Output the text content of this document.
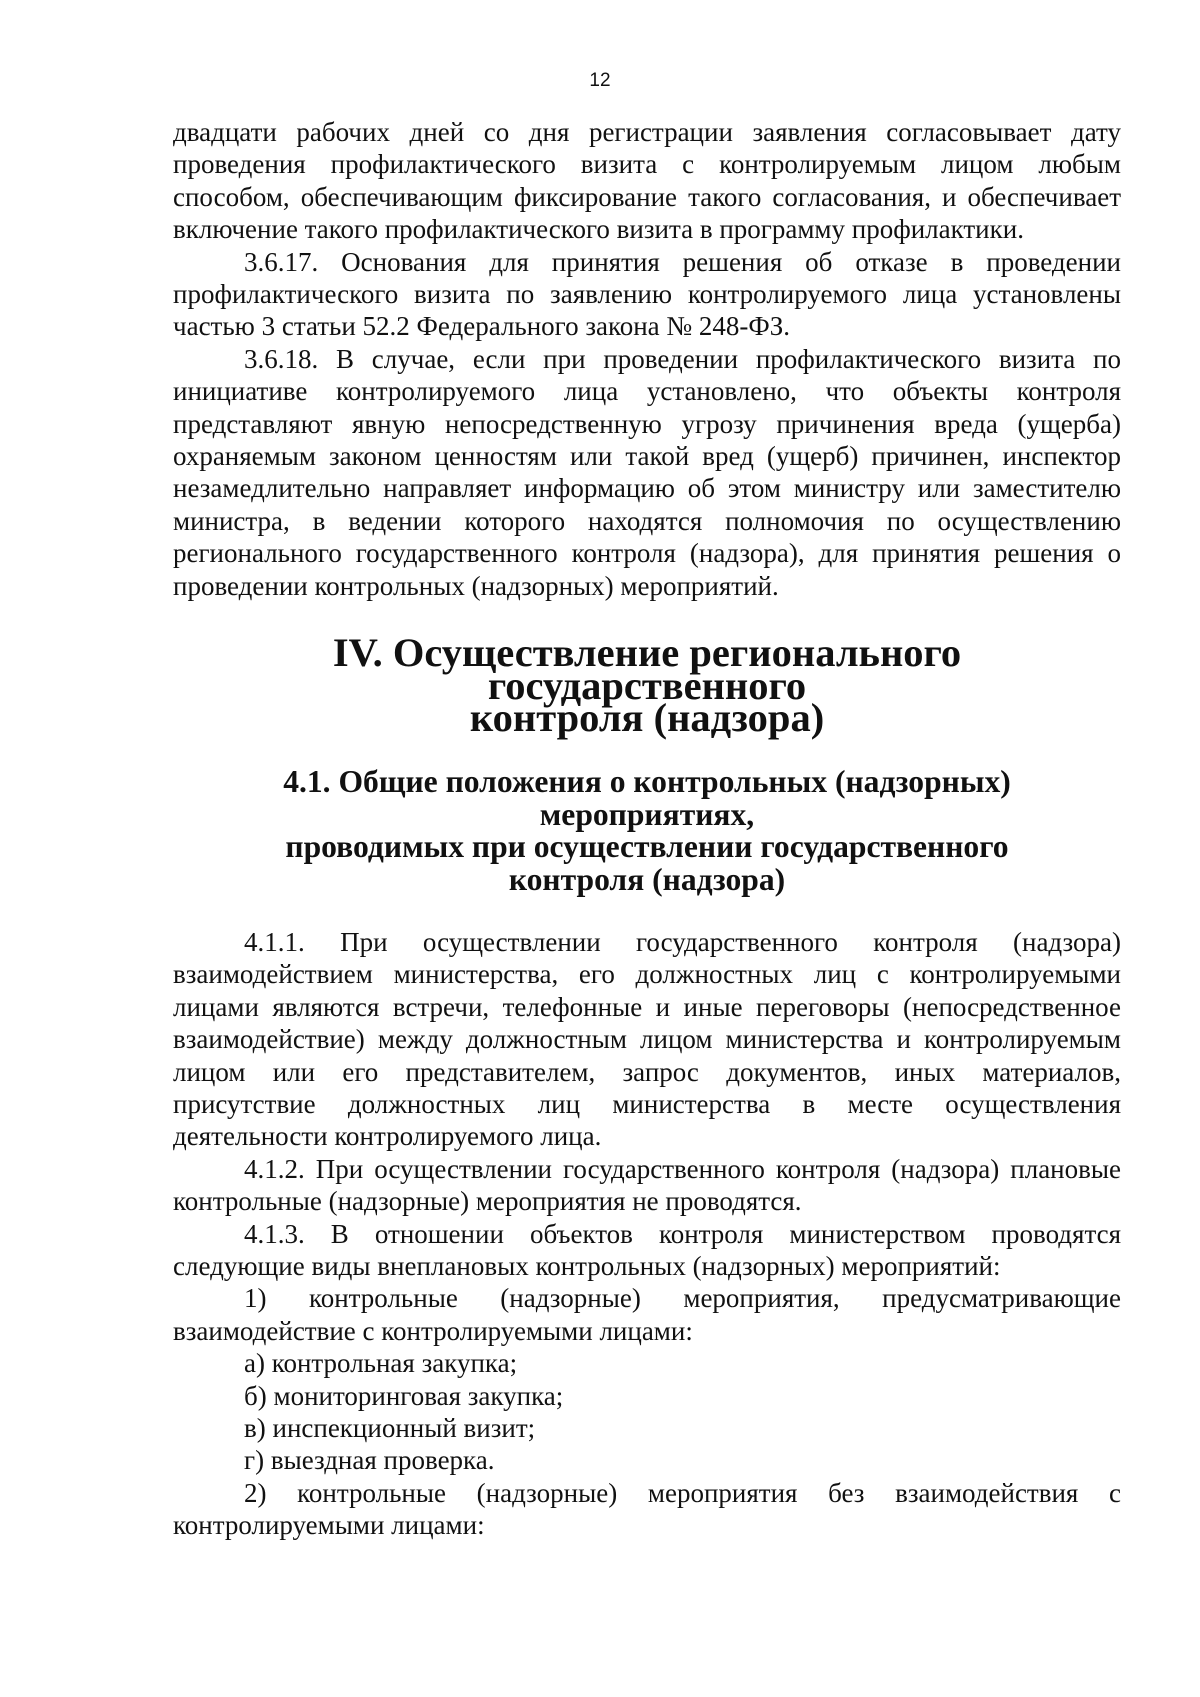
12

двадцати рабочих дней со дня регистрации заявления согласовывает дату проведения профилактического визита с контролируемым лицом любым способом, обеспечивающим фиксирование такого согласования, и обеспечивает включение такого профилактического визита в программу профилактики.

3.6.17. Основания для принятия решения об отказе в проведении профилактического визита по заявлению контролируемого лица установлены частью 3 статьи 52.2 Федерального закона № 248-ФЗ.

3.6.18. В случае, если при проведении профилактического визита по инициативе контролируемого лица установлено, что объекты контроля представляют явную непосредственную угрозу причинения вреда (ущерба) охраняемым законом ценностям или такой вред (ущерб) причинен, инспектор незамедлительно направляет информацию об этом министру или заместителю министра, в ведении которого находятся полномочия по осуществлению регионального государственного контроля (надзора), для принятия решения о проведении контрольных (надзорных) мероприятий.

IV. Осуществление регионального государственного
контроля (надзора)
4.1. Общие положения о контрольных (надзорных) мероприятиях,
проводимых при осуществлении государственного
контроля (надзора)

4.1.1. При осуществлении государственного контроля (надзора) взаимодействием министерства, его должностных лиц с контролируемыми лицами являются встречи, телефонные и иные переговоры (непосредственное взаимодействие) между должностным лицом министерства и контролируемым лицом или его представителем, запрос документов, иных материалов, присутствие должностных лиц министерства в месте осуществления деятельности контролируемого лица.

4.1.2. При осуществлении государственного контроля (надзора) плановые контрольные (надзорные) мероприятия не проводятся.

4.1.3. В отношении объектов контроля министерством проводятся следующие виды внеплановых контрольных (надзорных) мероприятий:

1) контрольные (надзорные) мероприятия, предусматривающие взаимодействие с контролируемыми лицами:

а) контрольная закупка;

б) мониторинговая закупка;

в) инспекционный визит;

г) выездная проверка.

2) контрольные (надзорные) мероприятия без взаимодействия с контролируемыми лицами:
